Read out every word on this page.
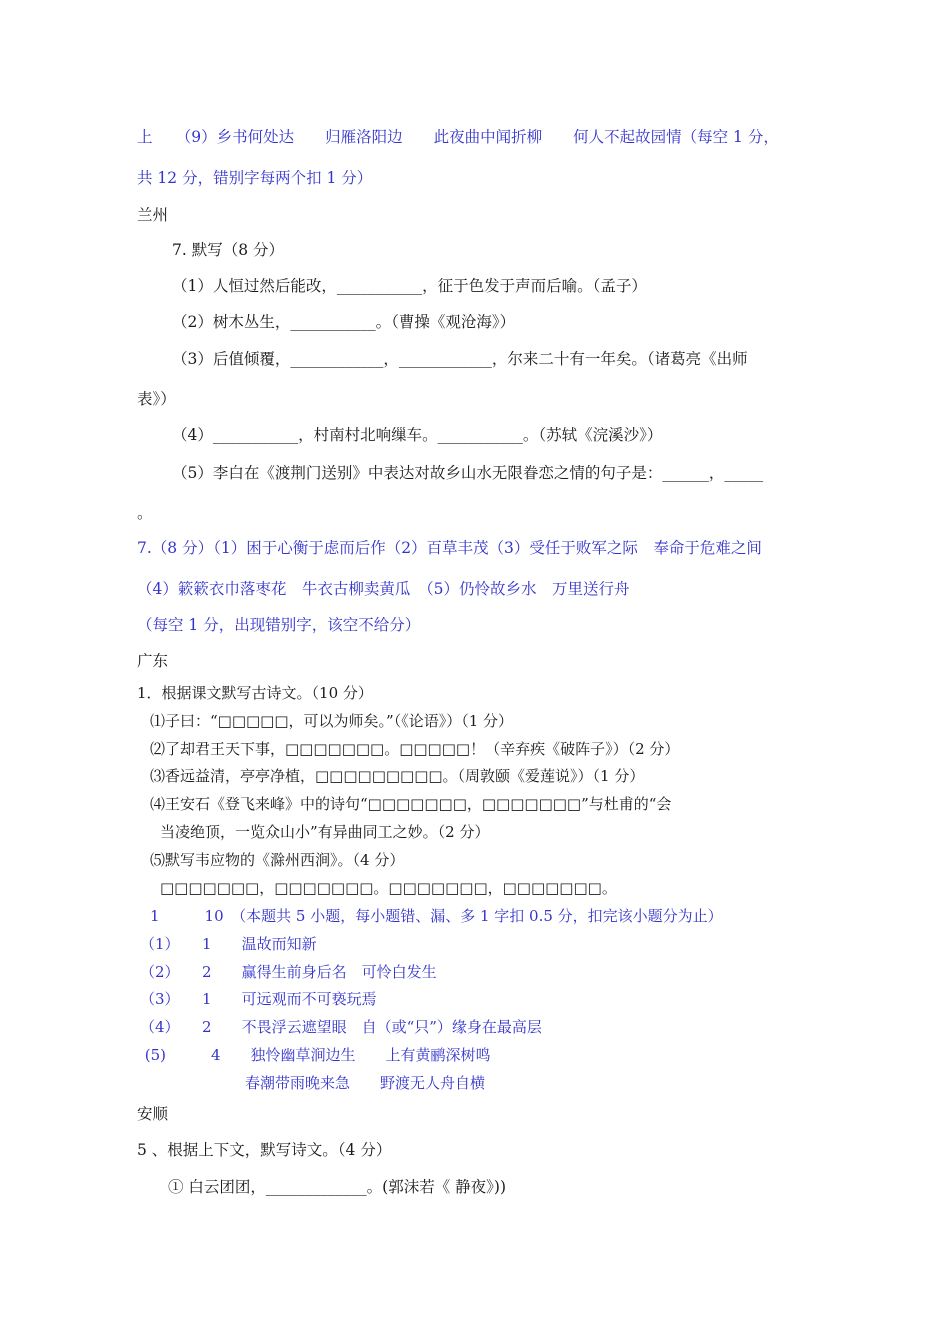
上　　（9）乡书何处达　　归雁洛阳边　　此夜曲中闻折柳　　何人不起故园情（每空 1 分，
共 12 分，错别字每两个扣 1 分）
兰州
7. 默写（8 分）
（1）人恒过然后能改，___________，征于色发于声而后喻。（孟子）
（2）树木丛生，___________。（曹操《观沧海》）
（3）后值倾覆，____________，____________，尔来二十有一年矣。（诸葛亮《出师
表》）
（4）___________，村南村北响缫车。___________。（苏轼《浣溪沙》）
（5）李白在《渡荆门送别》中表达对故乡山水无限眷恋之情的句子是：______，_____
。
7.（8 分）（1）困于心衡于虑而后作（2）百草丰茂（3）受任于败军之际　奉命于危难之间
（4）簌簌衣巾落枣花　牛衣古柳卖黄瓜　（5）仍怜故乡水　万里送行舟
（每空 1 分，出现错别字，该空不给分）
广东
1．根据课文默写古诗文。（10 分）
⑴子曰：“□□□□□，可以为师矣。”（《论语》）（1 分）
⑵了却君王天下事，□□□□□□□。□□□□□！（辛弃疾《破阵子》）（2 分）
⑶香远益清，亭亭净植，□□□□□□□□□。（周敦颐《爱莲说》）（1 分）
⑷王安石《登飞来峰》中的诗句“□□□□□□□，□□□□□□□”与杜甫的“会
当凌绝顶，一览众山小”有异曲同工之妙。（2 分）
⑸默写韦应物的《滁州西涧》。（4 分）
□□□□□□□，□□□□□□□。□□□□□□□，□□□□□□□。
1　　　10　（本题共 5 小题，每小题错、漏、多 1 字扣 0.5 分，扣完该小题分为止）
（1）　　1　　温故而知新
（2）　　2　　赢得生前身后名　可怜白发生
（3）　　1　　可远观而不可亵玩焉
（4）　　2　　不畏浮云遮望眼　自（或“只”）缘身在最高层
(5)　　　4　　独怜幽草涧边生　　上有黄鹂深树鸣
　　　　　　　春潮带雨晚来急　　野渡无人舟自横
安顺
5 、根据上下文，默写诗文。（4 分）
① 白云团团，_____________。(郭沫若《 静夜》))
